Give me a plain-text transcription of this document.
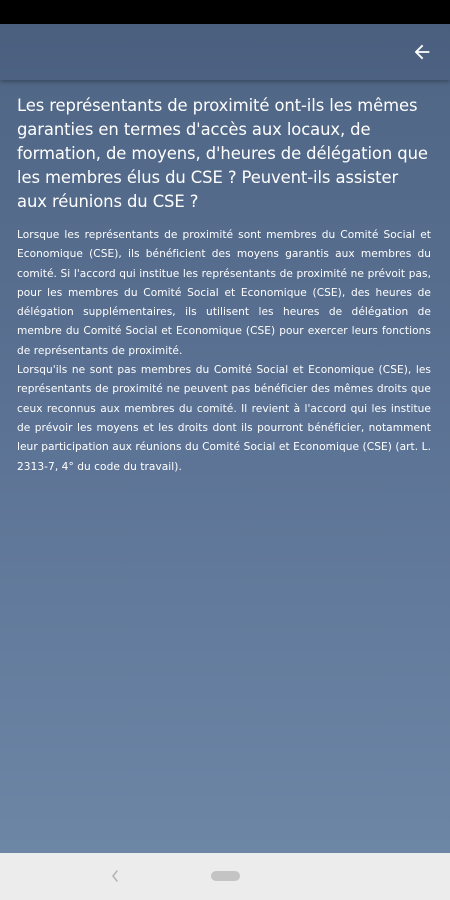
Les représentants de proximité ont-ils les mêmes garanties en termes d'accès aux locaux, de formation, de moyens, d'heures de délégation que les membres élus du CSE ? Peuvent-ils assister aux réunions du CSE ?

Lorsque les représentants de proximité sont membres du Comité Social et Economique (CSE), ils bénéficient des moyens garantis aux membres du comité. Si l'accord qui institue les représentants de proximité ne prévoit pas, pour les membres du Comité Social et Economique (CSE), des heures de délégation supplémentaires, ils utilisent les heures de délégation de membre du Comité Social et Economique (CSE) pour exercer leurs fonctions de représentants de proximité.

Lorsqu'ils ne sont pas membres du Comité Social et Economique (CSE), les représentants de proximité ne peuvent pas bénéficier des mêmes droits que ceux reconnus aux membres du comité. Il revient à l'accord qui les institue de prévoir les moyens et les droits dont ils pourront bénéficier, notamment leur participation aux réunions du Comité Social et Economique (CSE) (art. L. 2313-7, 4° du code du travail).
